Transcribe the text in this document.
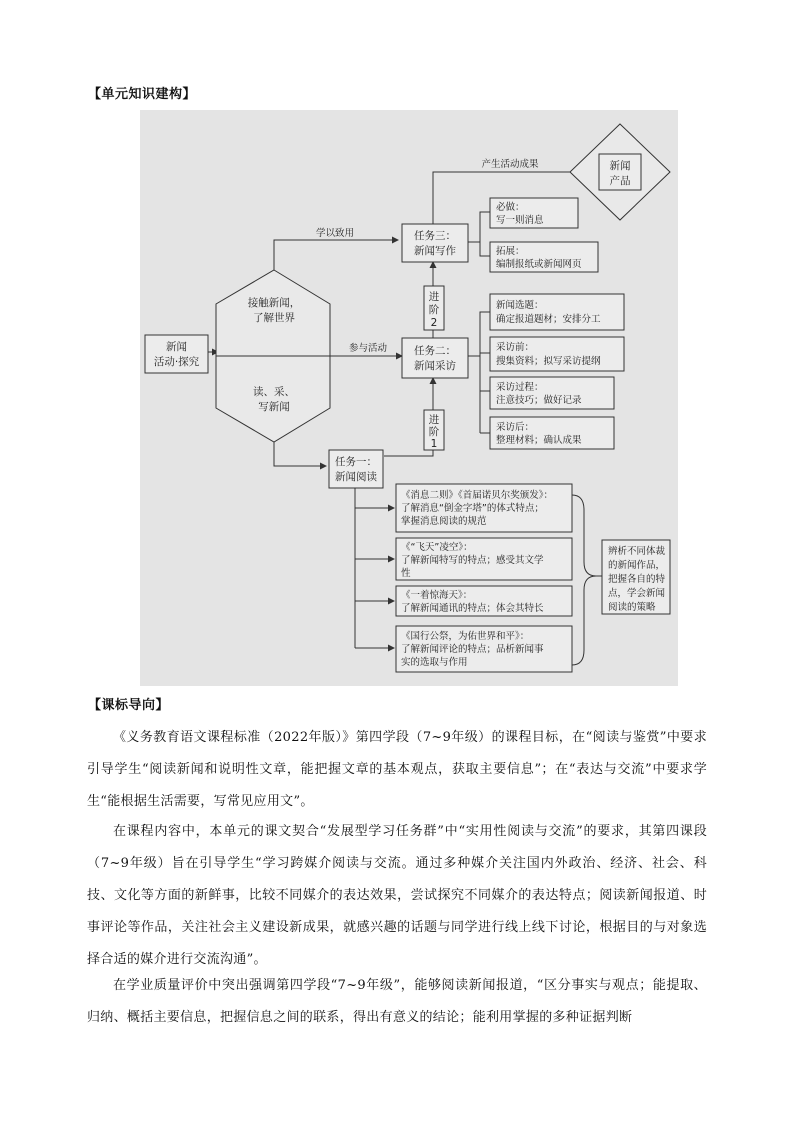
【单元知识建构】
新闻
活动·探究
接触新闻，
了解世界
读、采、
写新闻
学以致用
参与活动
产生活动成果	新闻
产品
任务三：
新闻写作
任务二：
新闻采访
任务一：
新闻阅读
进
阶
2
进
阶
1
必做：
写一则消息
拓展：
编制报纸或新闻网页
新闻选题：
确定报道题材；安排分工
采访前：
搜集资料；拟写采访提纲
采访过程：
注意技巧；做好记录
采访后：
整理材料；确认成果
《消息二则》《首届诺贝尔奖颁发》：
了解消息“倒金字塔”的体式特点；
掌握消息阅读的规范
《“飞天”凌空》：
了解新闻特写的特点；感受其文学
性
《一着惊海天》：
了解新闻通讯的特点；体会其特长
《国行公祭，为佑世界和平》：
了解新闻评论的特点；品析新闻事
实的选取与作用
辨析不同体裁
的新闻作品，
把握各自的特
点，学会新闻
阅读的策略
【课标导向】
《义务教育语文课程标准（2022年版）》第四学段（7~9年级）的课程目标，在“阅读与鉴赏”中要求引导学生“阅读新闻和说明性文章，能把握文章的基本观点，获取主要信息”；在“表达与交流”中要求学生“能根据生活需要，写常见应用文”。
在课程内容中，本单元的课文契合“发展型学习任务群”中“实用性阅读与交流”的要求，其第四课段（7~9年级）旨在引导学生“学习跨媒介阅读与交流。通过多种媒介关注国内外政治、经济、社会、科技、文化等方面的新鲜事，比较不同媒介的表达效果，尝试探究不同媒介的表达特点；阅读新闻报道、时事评论等作品，关注社会主义建设新成果，就感兴趣的话题与同学进行线上线下讨论，根据目的与对象选择合适的媒介进行交流沟通”。
在学业质量评价中突出强调第四学段“7~9年级”，能够阅读新闻报道，“区分事实与观点；能提取、归纳、概括主要信息，把握信息之间的联系，得出有意义的结论；能利用掌握的多种证据判断
